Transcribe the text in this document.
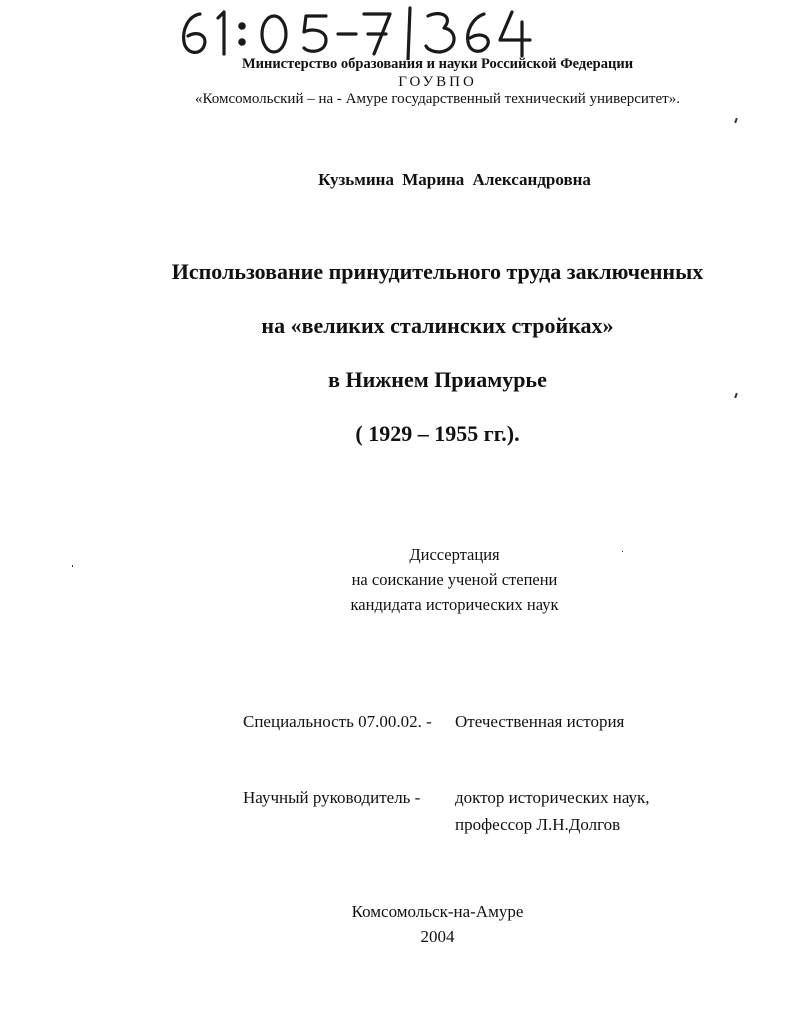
Министерство образования и науки Российской Федерации
ГОУВПО
«Комсомольский – на - Амуре государственный технический университет».
Кузьмина Марина Александровна
Использование принудительного труда заключенных
на «великих сталинских стройках»
в Нижнем Приамурье
( 1929 – 1955 гг.).
Диссертация
на соискание ученой степени
кандидата исторических наук
Специальность 07.00.02. - Отечественная история
Научный руководитель - доктор исторических наук,
профессор Л.Н.Долгов
Комсомольск-на-Амуре
2004
